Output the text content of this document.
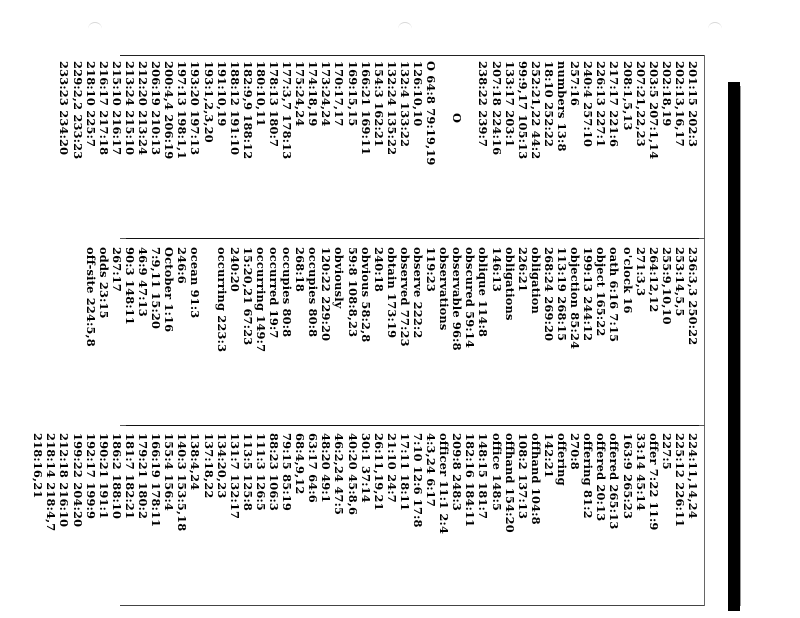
201:15 202:3
202:13,16,17
202:18,19
203:5 207:1,14
207:21,22,23
208:1,5,13
217:17 221:6
226:13 227:1
240:4 257:10
257:16
numbers 13:8
18:10 252:22
252:21,22 44:2
99:9,17 105:13
133:17 203:1
207:18 224:16
238:22 239:7
O
O 64:8 79:19,19
126:10,10
132:4 133:22
132:24 135:22
154:3 162:21
166:21 169:11
169:15,15
170:17,17
173:24,24
174:18,19
175:24,24
177:3,7 178:13
178:13 180:7
180:10,11
182:9,9 188:12
188:12 191:10
191:10,19
193:1,2,3,20
193:20 197:13
197:13 198:1,1
200:4,4 206:19
206:19 210:13
212:20 213:24
213:24 215:10
215:10 216:17
216:17 217:18
218:10 225:7
229:2,2 233:23
233:23 234:20
236:3,3 250:22
253:14,5,5
255:9,10,10
264:12,12
271:3,3
o'clock 16
oath 6:16 7:15
object 165:22
199:13 244:12
objection 85:24
113:19 268:15
268:24 269:20
obligation
226:21
obligations
146:13
oblique 114:8
obscured 59:14
observable 96:8
observations
119:23
observe 222:2
observed 77:23
obtain 173:19
240:18
obvious 58:2,8
59:8 108:8,23
obviously
120:22 229:20
occupies 80:8
268:18
occupies 80:8
occurred 19:7
occurring 149:7
15:20,21 67:23
240:20
occurring 223:3
ocean 91:3
246:6
October 1:16
7:9,11 15:20
46:9 47:13
90:3 148:11
267:17
odds 23:15
off-site 224:5,8
224:11,14,24
225:12 226:11
227:5
offer 7:22 11:9
33:14 45:14
163:9 265:23
offered 265:13
offered 20:13
offering 81:2
270:8
offering
142:21
offhand 104:8
108:2 137:13
offhand 154:20
office 148:5
148:15 181:7
182:16 184:11
209:8 248:3
officer 11:1 2:4
4:3,24 6:17
7:10 12:6 17:8
17:11 18:11
21:10 24:7
26:11,19,21
30:1 37:14
40:20 45:8,6
46:2,24 47:5
48:20 49:1
63:17 64:6
68:4,9,12
79:15 85:19
88:23 106:3
111:3 126:5
113:5 125:8
131:7 132:17
134:20,23
137:18,22
138:4,24
140:3 153:5,18
155:4 156:4
166:19 178:11
179:21 180:2
181:7 182:21
186:2 188:10
190:21 191:1
192:17 199:9
199:22 204:20
212:18 216:10
218:14 218:4,7
218:16,21
